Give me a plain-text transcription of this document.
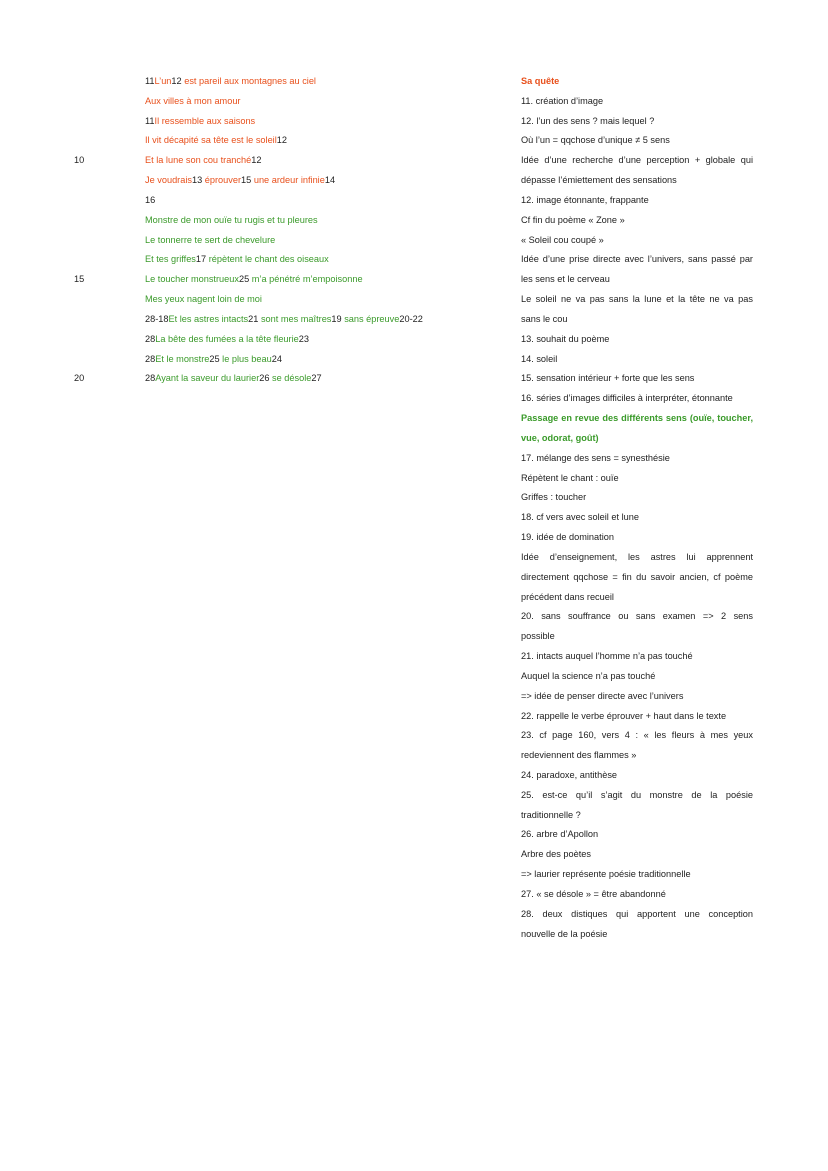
10
15
20
11L’un12 est pareil aux montagnes au ciel
Aux villes à mon amour
11Il ressemble aux saisons
Il vit décapité sa tête est le soleil12
Et la lune son cou tranché12
Je voudrais13 éprouver15 une ardeur infinie14
16
Monstre de mon ouïe tu rugis et tu pleures
Le tonnerre te sert de chevelure
Et tes griffes17 répètent le chant des oiseaux
Le toucher monstrueux25 m’a pénétré m’empoisonne
Mes yeux nagent loin de moi
28-18Et les astres intacts21 sont mes maîtres19 sans épreuve20-22
28La bête des fumées a la tête fleurie23
28Et le monstre25 le plus beau24
28Ayant la saveur du laurier26 se désole27
Sa quête
11. création d’image
12. l’un des sens ? mais lequel ?
Où l’un = qqchose d’unique ≠ 5 sens
Idée d’une recherche d’une perception + globale qui
dépasse l’émiettement des sensations
12. image étonnante, frappante
Cf fin du poème « Zone »
« Soleil cou coupé »
Idée d’une prise directe avec l’univers, sans passé par
les sens et le cerveau
Le soleil ne va pas sans la lune et la tête ne va pas
sans le cou
13. souhait du poème
14. soleil
15. sensation intérieur + forte que les sens
16. séries d’images difficiles à interpréter, étonnante
Passage en revue des différents sens (ouïe, toucher,
vue, odorat, goût)
17. mélange des sens = synesthésie
Répètent le chant : ouïe
Griffes : toucher
18. cf vers avec soleil et lune
19. idée de domination
Idée d’enseignement, les astres lui apprennent
directement qqchose = fin du savoir ancien, cf poème
précédent dans recueil
20. sans souffrance ou sans examen => 2 sens
possible
21. intacts auquel l’homme n’a pas touché
Auquel la science n’a pas touché
=> idée de penser directe avec l’univers
22. rappelle le verbe éprouver + haut dans le texte
23. cf page 160, vers 4 : « les fleurs à mes yeux
redeviennent des flammes »
24. paradoxe, antithèse
25. est-ce qu’il s’agit du monstre de la poésie
traditionnelle ?
26. arbre d’Apollon
Arbre des poètes
=> laurier représente poésie traditionnelle
27. « se désole » = être abandonné
28. deux distiques qui apportent une conception
nouvelle de la poésie
